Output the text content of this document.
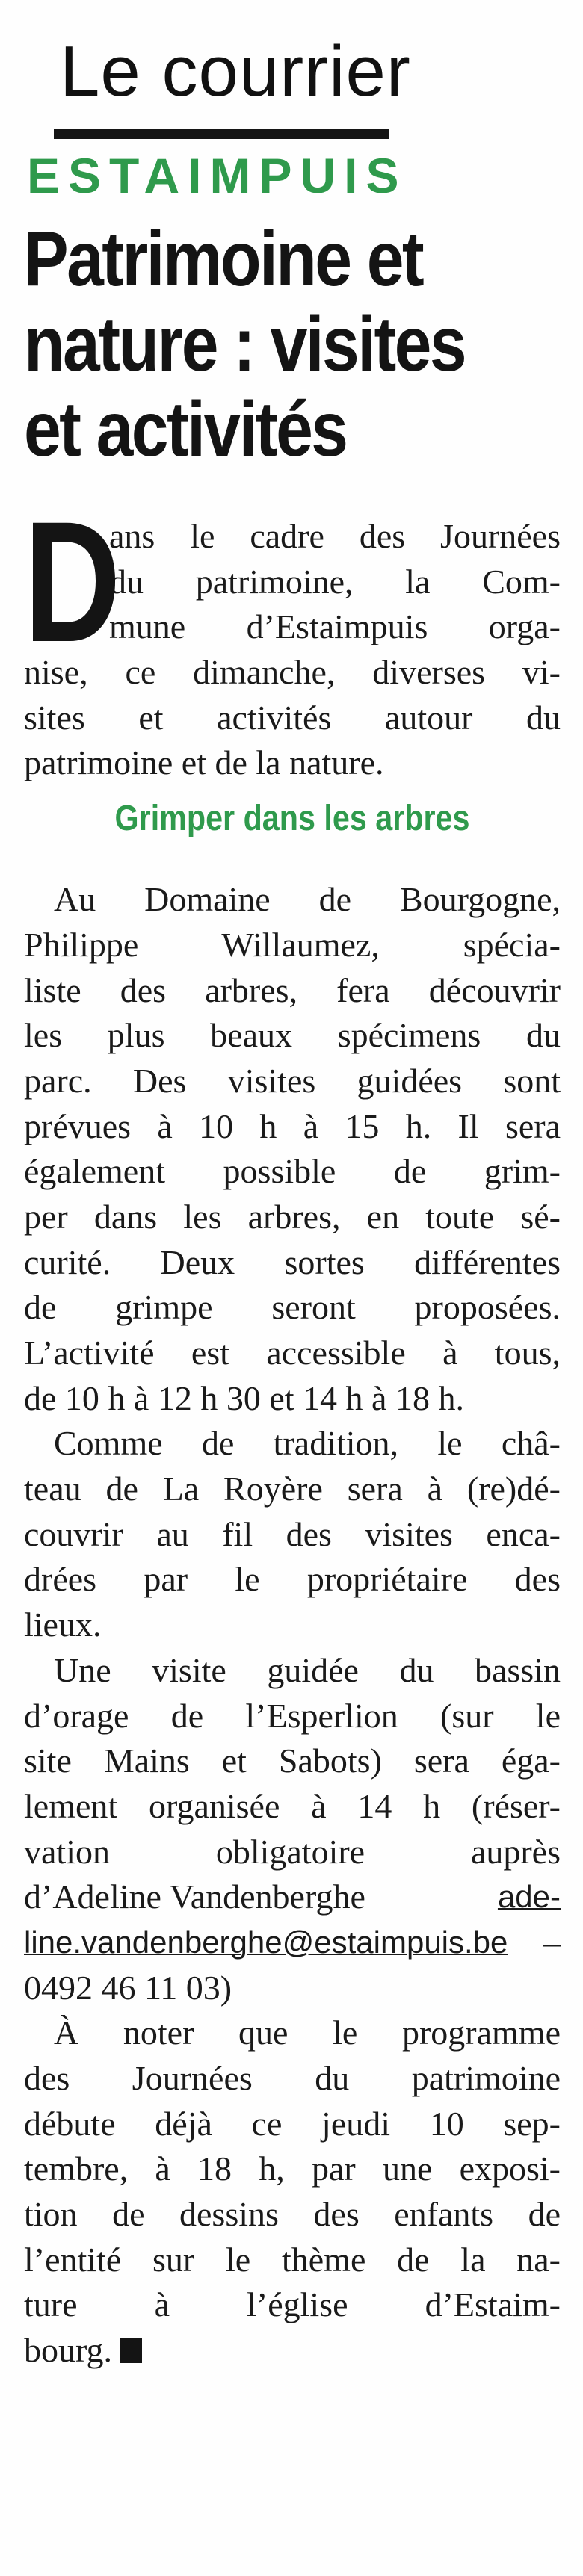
Le courrier
ESTAIMPUIS
Patrimoine et
nature : visites
et activités
D
ans le cadre des Journées
du patrimoine, la Com-
mune d’Estaimpuis orga-
nise, ce dimanche, diverses vi-
sites et activités autour du
patrimoine et de la nature.
Grimper dans les arbres
Au Domaine de Bourgogne,
Philippe Willaumez, spécia-
liste des arbres, fera découvrir
les plus beaux spécimens du
parc. Des visites guidées sont
prévues à 10 h à 15 h. Il sera
également possible de grim-
per dans les arbres, en toute sé-
curité. Deux sortes différentes
de grimpe seront proposées.
L’activité est accessible à tous,
de 10 h à 12 h 30 et 14 h à 18 h.
Comme de tradition, le châ-
teau de La Royère sera à (re)dé-
couvrir au fil des visites enca-
drées par le propriétaire des
lieux.
Une visite guidée du bassin
d’orage de l’Esperlion (sur le
site Mains et Sabots) sera éga-
lement organisée à 14 h (réser-
vation obligatoire auprès
d’Adeline Vandenberghe	ade-
line.vandenberghe@estaimpuis.be –
0492 46 11 03)
À noter que le programme
des Journées du patrimoine
débute déjà ce jeudi 10 sep-
tembre, à 18 h, par une exposi-
tion de dessins des enfants de
l’entité sur le thème de la na-
ture à l’église d’Estaim-
bourg.
